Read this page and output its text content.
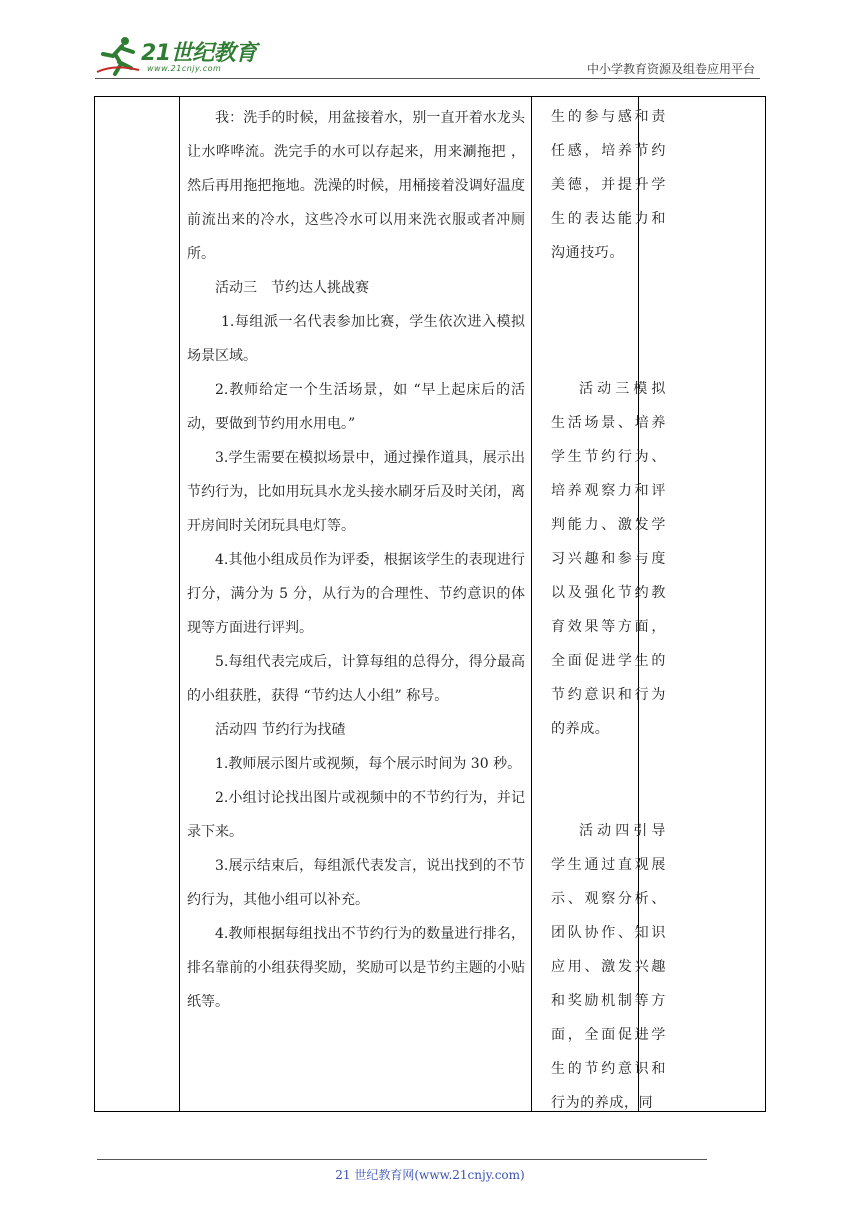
21世纪教育
www.21cnjy.com	中小学教育资源及组卷应用平台

我：洗手的时候，用盆接着水，别一直开着水龙头让水哗哗流。洗完手的水可以存起来，用来涮拖把 ，然后再用拖把拖地。洗澡的时候，用桶接着没调好温度前流出来的冷水，这些冷水可以用来洗衣服或者冲厕所。

活动三　节约达人挑战赛

1.每组派一名代表参加比赛，学生依次进入模拟场景区域。

2.教师给定一个生活场景，如 “早上起床后的活动，要做到节约用水用电。”

3.学生需要在模拟场景中，通过操作道具，展示出节约行为，比如用玩具水龙头接水刷牙后及时关闭，离开房间时关闭玩具电灯等。

4.其他小组成员作为评委，根据该学生的表现进行打分，满分为 5 分，从行为的合理性、节约意识的体现等方面进行评判。

5.每组代表完成后，计算每组的总得分，得分最高的小组获胜，获得 “节约达人小组” 称号。

活动四 节约行为找碴

1.教师展示图片或视频，每个展示时间为 30 秒。

2.小组讨论找出图片或视频中的不节约行为，并记录下来。

3.展示结束后，每组派代表发言，说出找到的不节约行为，其他小组可以补充。

4.教师根据每组找出不节约行为的数量进行排名，排名靠前的小组获得奖励，奖励可以是节约主题的小贴纸等。

生的参与感和责任感，培养节约美德，并提升学生的表达能力和沟通技巧。

活动三模拟生活场景、培养学生节约行为、培养观察力和评判能力、激发学习兴趣和参与度以及强化节约教育效果等方面，全面促进学生的节约意识和行为的养成。

活动四引导学生通过直观展示、观察分析、团队协作、知识应用、激发兴趣和奖励机制等方面，全面促进学生的节约意识和行为的养成，同

21 世纪教育网(www.21cnjy.com)
